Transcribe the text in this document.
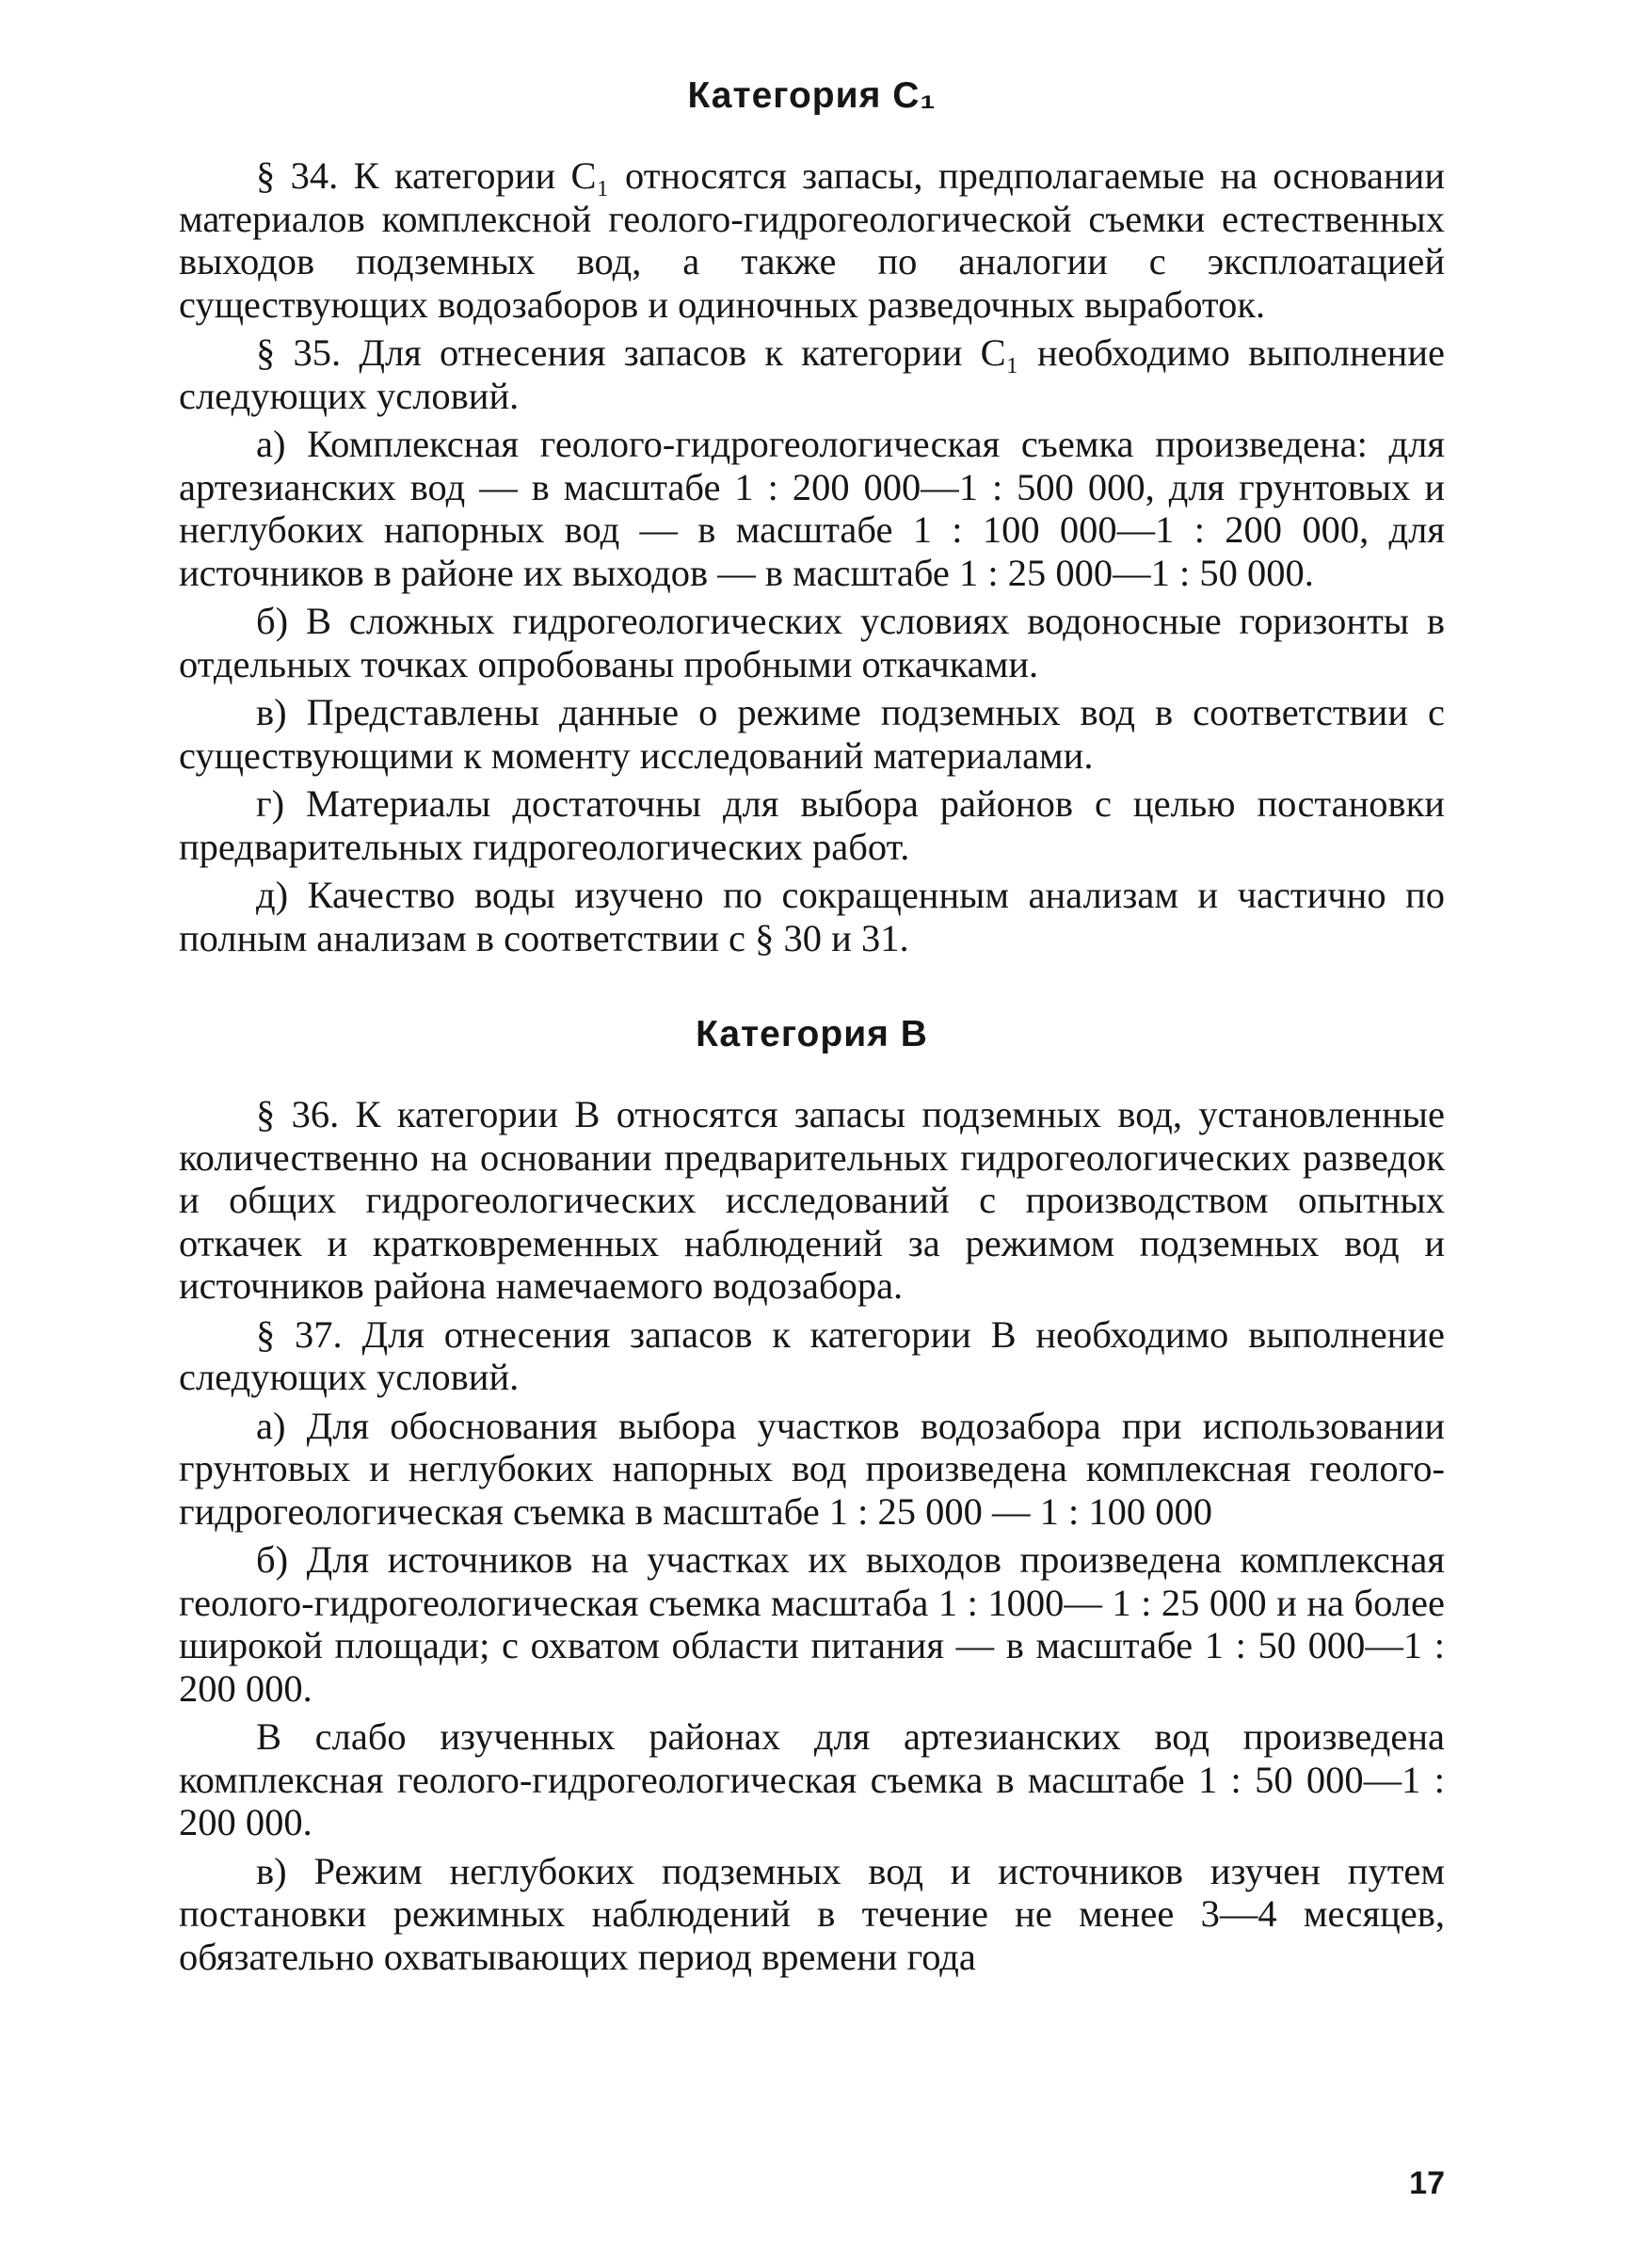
Категория C₁

§ 34. К категории C₁ относятся запасы, предполагаемые на основании материалов комплексной геолого-гидрогеологической съемки естественных выходов подземных вод, а также по аналогии с эксплоатацией существующих водозаборов и одиночных разведочных выработок.

§ 35. Для отнесения запасов к категории C₁ необходимо выполнение следующих условий.

а) Комплексная геолого-гидрогеологическая съемка произведена: для артезианских вод — в масштабе 1 : 200 000—1 : 500 000, для грунтовых и неглубоких напорных вод — в масштабе 1 : 100 000—1 : 200 000, для источников в районе их выходов — в масштабе 1 : 25 000—1 : 50 000.

б) В сложных гидрогеологических условиях водоносные горизонты в отдельных точках опробованы пробными откачками.

в) Представлены данные о режиме подземных вод в соответствии с существующими к моменту исследований материалами.

г) Материалы достаточны для выбора районов с целью постановки предварительных гидрогеологических работ.

д) Качество воды изучено по сокращенным анализам и частично по полным анализам в соответствии с § 30 и 31.

Категория B

§ 36. К категории B относятся запасы подземных вод, установленные количественно на основании предварительных гидрогеологических разведок и общих гидрогеологических исследований с производством опытных откачек и кратковременных наблюдений за режимом подземных вод и источников района намечаемого водозабора.

§ 37. Для отнесения запасов к категории B необходимо выполнение следующих условий.

а) Для обоснования выбора участков водозабора при использовании грунтовых и неглубоких напорных вод произведена комплексная геолого-гидрогеологическая съемка в масштабе 1 : 25 000 — 1 : 100 000

б) Для источников на участках их выходов произведена комплексная геолого-гидрогеологическая съемка масштаба 1 : 1000— 1 : 25 000 и на более широкой площади; с охватом области питания — в масштабе 1 : 50 000—1 : 200 000.

В слабо изученных районах для артезианских вод произведена комплексная геолого-гидрогеологическая съемка в масштабе 1 : 50 000—1 : 200 000.

в) Режим неглубоких подземных вод и источников изучен путем постановки режимных наблюдений в течение не менее 3—4 месяцев, обязательно охватывающих период времени года

17
